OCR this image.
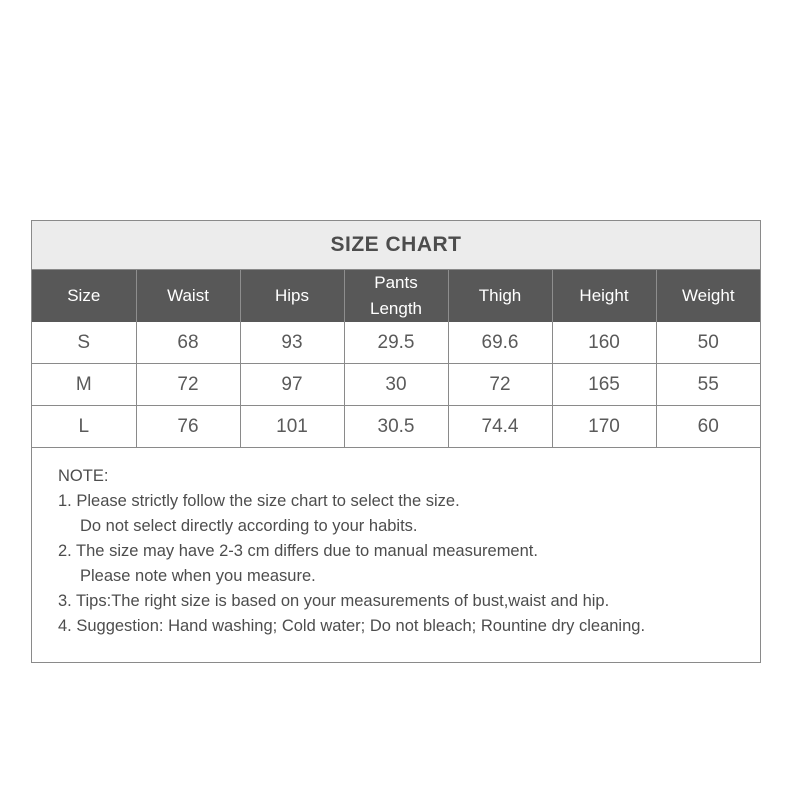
SIZE CHART
Size	Waist	Hips	Pants Length	Thigh	Height	Weight
S	68	93	29.5	69.6	160	50
M	72	97	30	72	165	55
L	76	101	30.5	74.4	170	60
NOTE:
1. Please strictly follow the size chart to select the size.
Do not select directly according to your habits.
2. The size may have 2-3 cm differs due to manual measurement.
Please note when you measure.
3. Tips:The right size is based on your measurements of bust,waist and hip.
4. Suggestion: Hand washing; Cold water; Do not bleach; Rountine dry cleaning.
